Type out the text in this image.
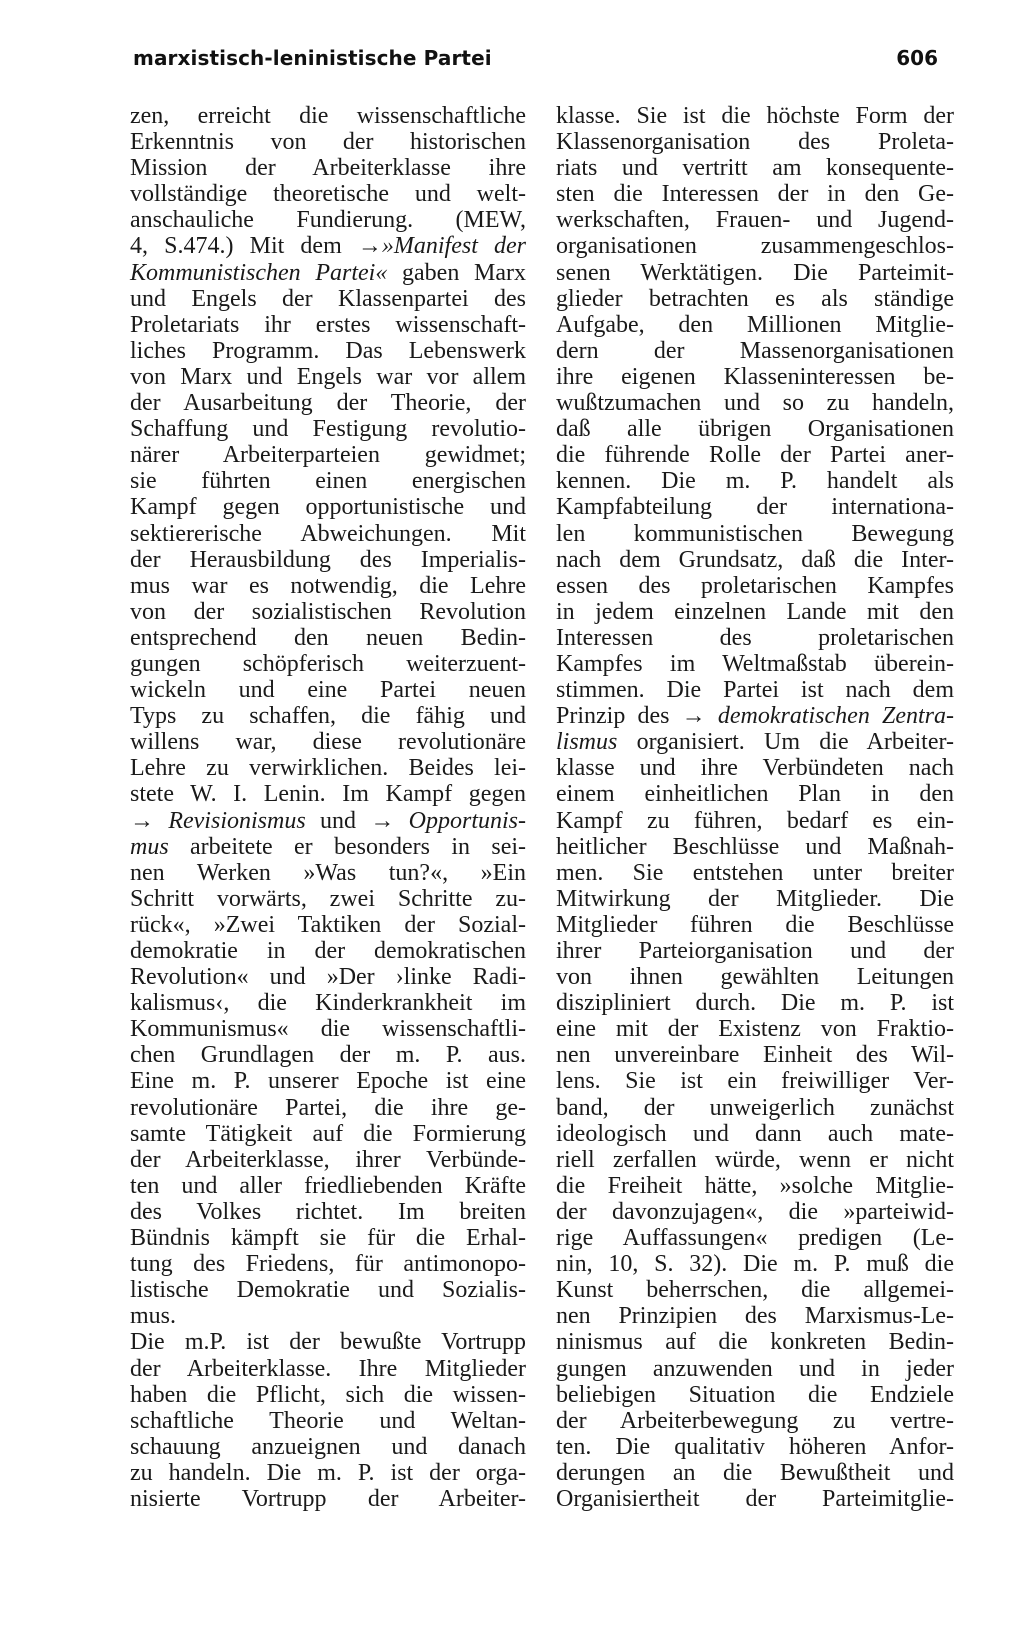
marxistisch-leninistische Partei	606
zen, erreicht die wissenschaftliche
Erkenntnis von der historischen
Mission der Arbeiterklasse ihre
vollständige theoretische und welt-
anschauliche Fundierung. (MEW,
4, S.474.) Mit dem →»Manifest der
Kommunistischen Partei« gaben Marx
und Engels der Klassenpartei des
Proletariats ihr erstes wissenschaft-
liches Programm. Das Lebenswerk
von Marx und Engels war vor allem
der Ausarbeitung der Theorie, der
Schaffung und Festigung revolutio-
närer Arbeiterparteien gewidmet;
sie führten einen energischen
Kampf gegen opportunistische und
sektiererische Abweichungen. Mit
der Herausbildung des Imperialis-
mus war es notwendig, die Lehre
von der sozialistischen Revolution
entsprechend den neuen Bedin-
gungen schöpferisch weiterzuent-
wickeln und eine Partei neuen
Typs zu schaffen, die fähig und
willens war, diese revolutionäre
Lehre zu verwirklichen. Beides lei-
stete W. I. Lenin. Im Kampf gegen
→ Revisionismus und → Opportunis-
mus arbeitete er besonders in sei-
nen Werken »Was tun?«, »Ein
Schritt vorwärts, zwei Schritte zu-
rück«, »Zwei Taktiken der Sozial-
demokratie in der demokratischen
Revolution« und »Der ›linke Radi-
kalismus‹, die Kinderkrankheit im
Kommunismus« die wissenschaftli-
chen Grundlagen der m. P. aus.
Eine m. P. unserer Epoche ist eine
revolutionäre Partei, die ihre ge-
samte Tätigkeit auf die Formierung
der Arbeiterklasse, ihrer Verbünde-
ten und aller friedliebenden Kräfte
des Volkes richtet. Im breiten
Bündnis kämpft sie für die Erhal-
tung des Friedens, für antimonopo-
listische Demokratie und Sozialis-
mus.
Die m.P. ist der bewußte Vortrupp
der Arbeiterklasse. Ihre Mitglieder
haben die Pflicht, sich die wissen-
schaftliche Theorie und Weltan-
schauung anzueignen und danach
zu handeln. Die m. P. ist der orga-
nisierte Vortrupp der Arbeiter-
klasse. Sie ist die höchste Form der
Klassenorganisation des Proleta-
riats und vertritt am konsequente-
sten die Interessen der in den Ge-
werkschaften, Frauen- und Jugend-
organisationen zusammengeschlos-
senen Werktätigen. Die Parteimit-
glieder betrachten es als ständige
Aufgabe, den Millionen Mitglie-
dern der Massenorganisationen
ihre eigenen Klasseninteressen be-
wußtzumachen und so zu handeln,
daß alle übrigen Organisationen
die führende Rolle der Partei aner-
kennen. Die m. P. handelt als
Kampfabteilung der internationa-
len kommunistischen Bewegung
nach dem Grundsatz, daß die Inter-
essen des proletarischen Kampfes
in jedem einzelnen Lande mit den
Interessen des proletarischen
Kampfes im Weltmaßstab überein-
stimmen. Die Partei ist nach dem
Prinzip des → demokratischen Zentra-
lismus organisiert. Um die Arbeiter-
klasse und ihre Verbündeten nach
einem einheitlichen Plan in den
Kampf zu führen, bedarf es ein-
heitlicher Beschlüsse und Maßnah-
men. Sie entstehen unter breiter
Mitwirkung der Mitglieder. Die
Mitglieder führen die Beschlüsse
ihrer Parteiorganisation und der
von ihnen gewählten Leitungen
diszipliniert durch. Die m. P. ist
eine mit der Existenz von Fraktio-
nen unvereinbare Einheit des Wil-
lens. Sie ist ein freiwilliger Ver-
band, der unweigerlich zunächst
ideologisch und dann auch mate-
riell zerfallen würde, wenn er nicht
die Freiheit hätte, »solche Mitglie-
der davonzujagen«, die »parteiwid-
rige Auffassungen« predigen (Le-
nin, 10, S. 32). Die m. P. muß die
Kunst beherrschen, die allgemei-
nen Prinzipien des Marxismus-Le-
ninismus auf die konkreten Bedin-
gungen anzuwenden und in jeder
beliebigen Situation die Endziele
der Arbeiterbewegung zu vertre-
ten. Die qualitativ höheren Anfor-
derungen an die Bewußtheit und
Organisiertheit der Parteimitglie-
